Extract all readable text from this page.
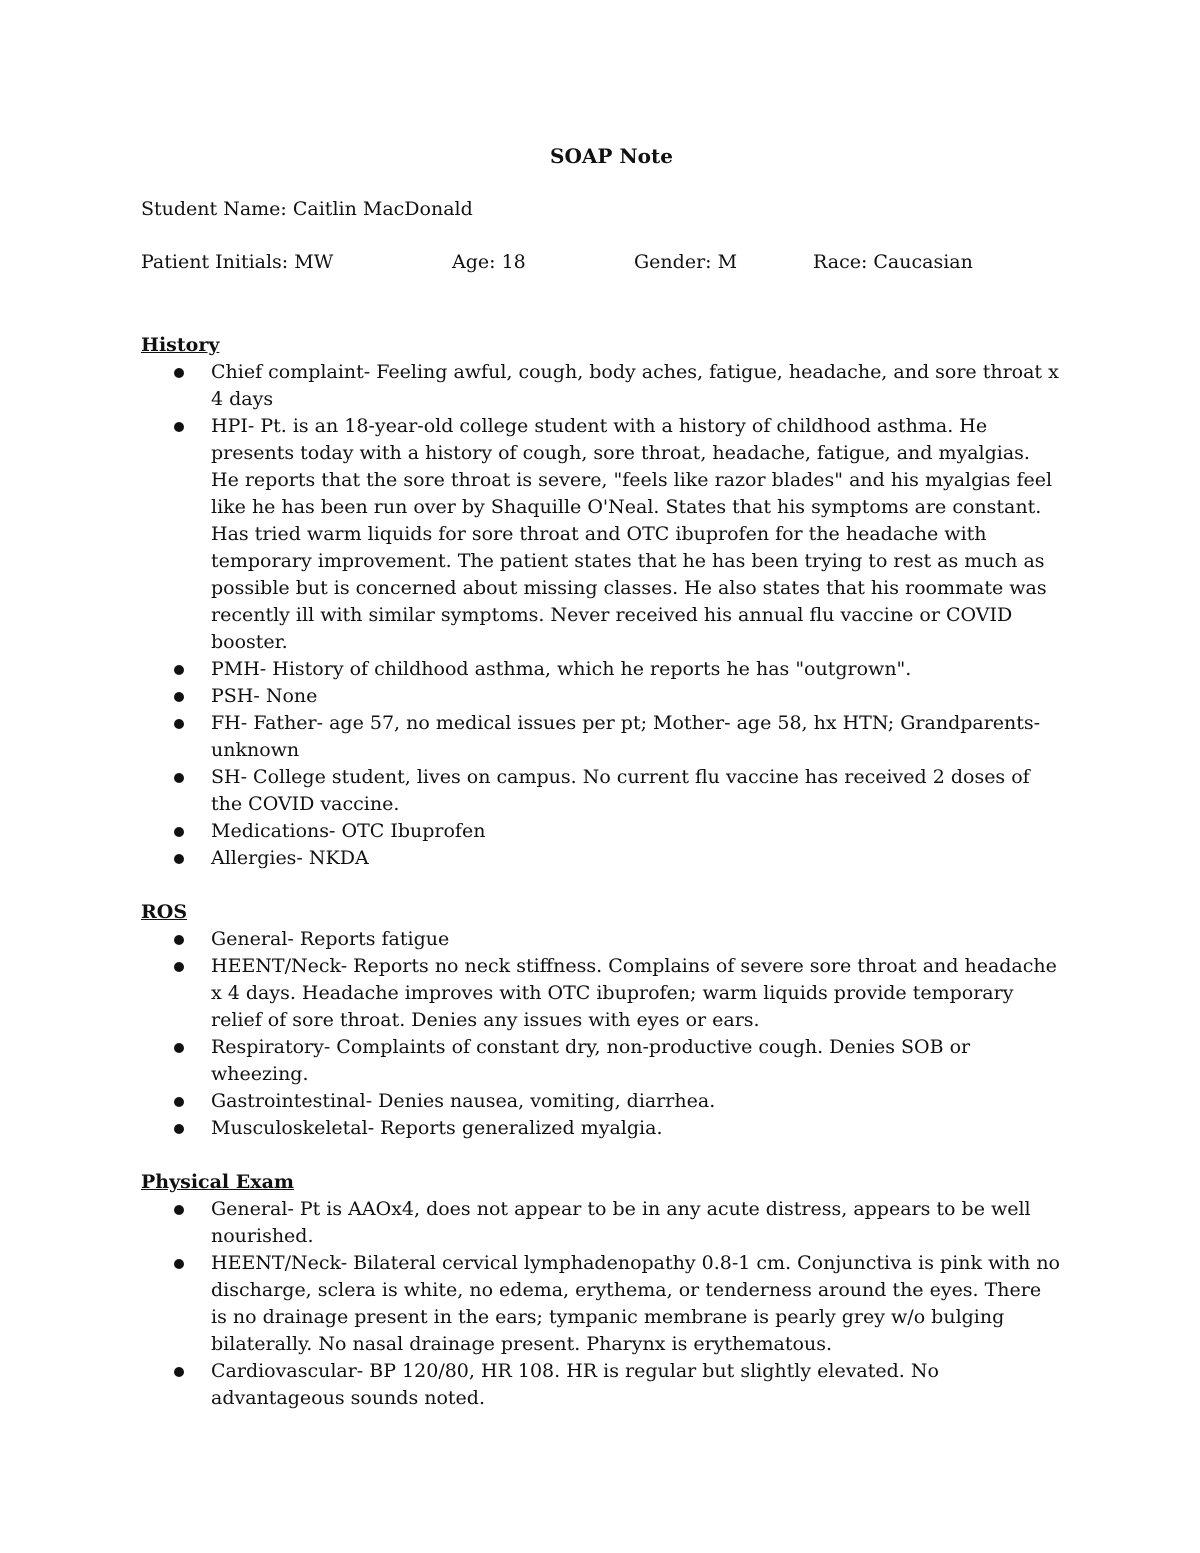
SOAP Note
Student Name: Caitlin MacDonald
Patient Initials: MW	Age: 18	Gender: M	Race: Caucasian
History
Chief complaint- Feeling awful, cough, body aches, fatigue, headache, and sore throat x 4 days
HPI- Pt. is an 18-year-old college student with a history of childhood asthma. He presents today with a history of cough, sore throat, headache, fatigue, and myalgias. He reports that the sore throat is severe, "feels like razor blades" and his myalgias feel like he has been run over by Shaquille O'Neal. States that his symptoms are constant. Has tried warm liquids for sore throat and OTC ibuprofen for the headache with temporary improvement. The patient states that he has been trying to rest as much as possible but is concerned about missing classes. He also states that his roommate was recently ill with similar symptoms. Never received his annual flu vaccine or COVID booster.
PMH- History of childhood asthma, which he reports he has "outgrown".
PSH- None
FH- Father- age 57, no medical issues per pt; Mother- age 58, hx HTN; Grandparents- unknown
SH- College student, lives on campus. No current flu vaccine has received 2 doses of the COVID vaccine.
Medications- OTC Ibuprofen
Allergies- NKDA
ROS
General- Reports fatigue
HEENT/Neck- Reports no neck stiffness. Complains of severe sore throat and headache x 4 days. Headache improves with OTC ibuprofen; warm liquids provide temporary relief of sore throat. Denies any issues with eyes or ears.
Respiratory- Complaints of constant dry, non-productive cough. Denies SOB or wheezing.
Gastrointestinal- Denies nausea, vomiting, diarrhea.
Musculoskeletal- Reports generalized myalgia.
Physical Exam
General- Pt is AAOx4, does not appear to be in any acute distress, appears to be well nourished.
HEENT/Neck- Bilateral cervical lymphadenopathy 0.8-1 cm. Conjunctiva is pink with no discharge, sclera is white, no edema, erythema, or tenderness around the eyes. There is no drainage present in the ears; tympanic membrane is pearly grey w/o bulging bilaterally. No nasal drainage present. Pharynx is erythematous.
Cardiovascular- BP 120/80, HR 108. HR is regular but slightly elevated. No advantageous sounds noted.
